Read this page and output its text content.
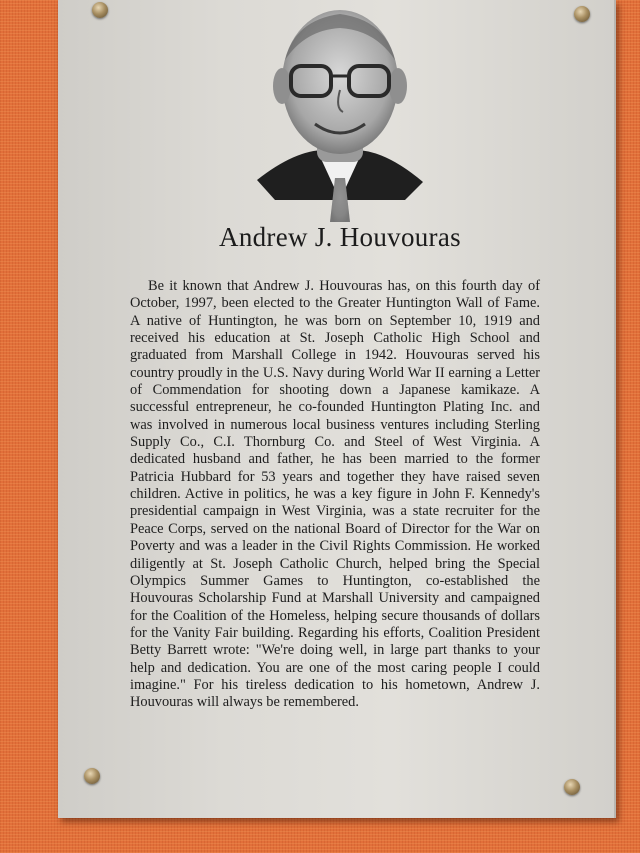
Andrew J. Houvouras

Be it known that Andrew J. Houvouras has, on this fourth day of October, 1997, been elected to the Greater Huntington Wall of Fame. A native of Huntington, he was born on September 10, 1919 and received his education at St. Joseph Catholic High School and graduated from Marshall College in 1942. Houvouras served his country proudly in the U.S. Navy during World War II earning a Letter of Commendation for shooting down a Japanese kamikaze. A successful entrepreneur, he co-founded Huntington Plating Inc. and was involved in numerous local business ventures including Sterling Supply Co., C.I. Thornburg Co. and Steel of West Virginia. A dedicated husband and father, he has been married to the former Patricia Hubbard for 53 years and together they have raised seven children. Active in politics, he was a key figure in John F. Kennedy's presidential campaign in West Virginia, was a state recruiter for the Peace Corps, served on the national Board of Director for the War on Poverty and was a leader in the Civil Rights Commission. He worked diligently at St. Joseph Catholic Church, helped bring the Special Olympics Summer Games to Huntington, co-established the Houvouras Scholarship Fund at Marshall University and campaigned for the Coalition of the Homeless, helping secure thousands of dollars for the Vanity Fair building. Regarding his efforts, Coalition President Betty Barrett wrote: "We're doing well, in large part thanks to your help and dedication. You are one of the most caring people I could imagine." For his tireless dedication to his hometown, Andrew J. Houvouras will always be remembered.
